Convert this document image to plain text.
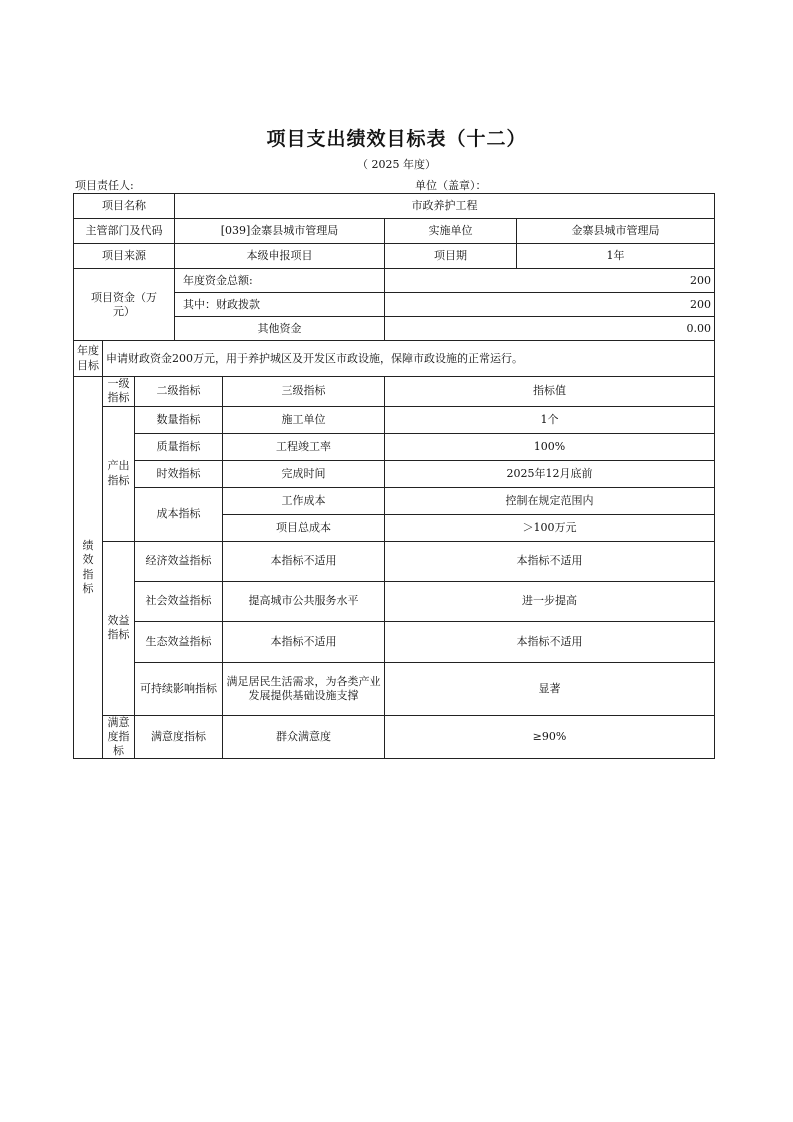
项目支出绩效目标表（十二）
（ 2025 年度）
项目责任人:	单位（盖章）：
项目名称			市政养护工程			
主管部门及代码			[039]金寨县城市管理局		实施单位	金寨县城市管理局
项目来源			本级申报项目		项目期	1年
项目资金（万元）			年度资金总额:		200	
			其中：财政拨款		200	
			其他资金		0.00	
年度目标	申请财政资金200万元，用于养护城区及开发区市政设施，保障市政设施的正常运行。					
绩效指标	一级指标	二级指标		三级指标	指标值	
	产出指标	数量指标		施工单位	1个	
		质量指标		工程竣工率	100%	
		时效指标		完成时间	2025年12月底前	
		成本指标		工作成本	控制在规定范围内	
				项目总成本	＞100万元	
	效益指标	经济效益指标		本指标不适用	本指标不适用	
		社会效益指标		提高城市公共服务水平	进一步提高	
		生态效益指标		本指标不适用	本指标不适用	
		可持续影响指标		满足居民生活需求，为各类产业发展提供基础设施支撑	显著	
	满意度指标	满意度指标		群众满意度	≥90%	
